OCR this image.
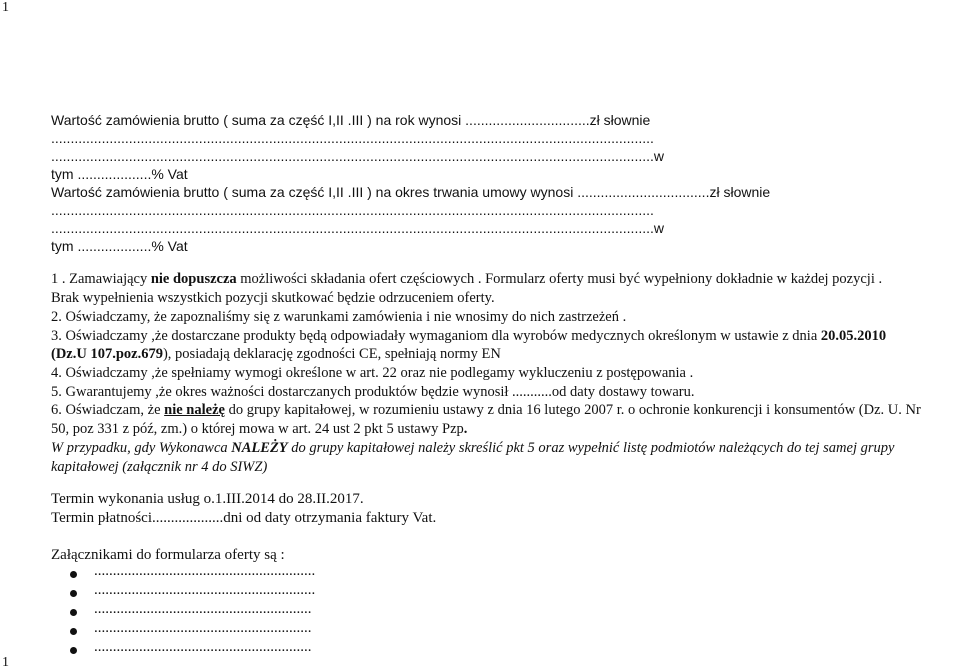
1
1
Wartość zamówienia brutto ( suma za część I,II .III ) na rok wynosi ................................zł słownie
...........................................................................................................................................................
...........................................................................................................................................................w
tym ...................% Vat
Wartość zamówienia brutto ( suma za część I,II .III ) na okres trwania umowy wynosi ..................................zł słownie
...........................................................................................................................................................
...........................................................................................................................................................w
tym ...................% Vat
1 . Zamawiający nie dopuszcza możliwości składania ofert częściowych . Formularz oferty musi być wypełniony dokładnie w każdej pozycji .
Brak wypełnienia wszystkich pozycji skutkować będzie odrzuceniem oferty.
2. Oświadczamy, że zapoznaliśmy się z warunkami zamówienia i nie wnosimy do nich zastrzeżeń .
3. Oświadczamy ,że dostarczane produkty będą odpowiadały wymaganiom dla wyrobów medycznych określonym w ustawie z dnia 20.05.2010
(Dz.U 107.poz.679), posiadają deklarację zgodności CE, spełniają normy EN
4. Oświadczamy ,że spełniamy wymogi określone w art. 22 oraz nie podlegamy wykluczeniu z postępowania .
5. Gwarantujemy ,że okres ważności dostarczanych produktów będzie wynosił ...........od daty dostawy towaru.
6. Oświadczam, że nie należę do grupy kapitałowej, w rozumieniu ustawy z dnia 16 lutego 2007 r. o ochronie konkurencji i konsumentów (Dz. U. Nr
50, poz 331 z póź, zm.) o której mowa w art. 24 ust 2 pkt 5 ustawy Pzp.
W przypadku, gdy Wykonawca NALEŻY do grupy kapitałowej należy skreślić pkt 5 oraz wypełnić listę podmiotów należących do tej samej grupy
kapitałowej (załącznik nr 4 do SIWZ)
Termin wykonania usług o.1.III.2014 do 28.II.2017.
Termin płatności...................dni od daty otrzymania faktury Vat.
Załącznikami do formularza oferty są :
...........................................................
...........................................................
..........................................................
..........................................................
..........................................................
